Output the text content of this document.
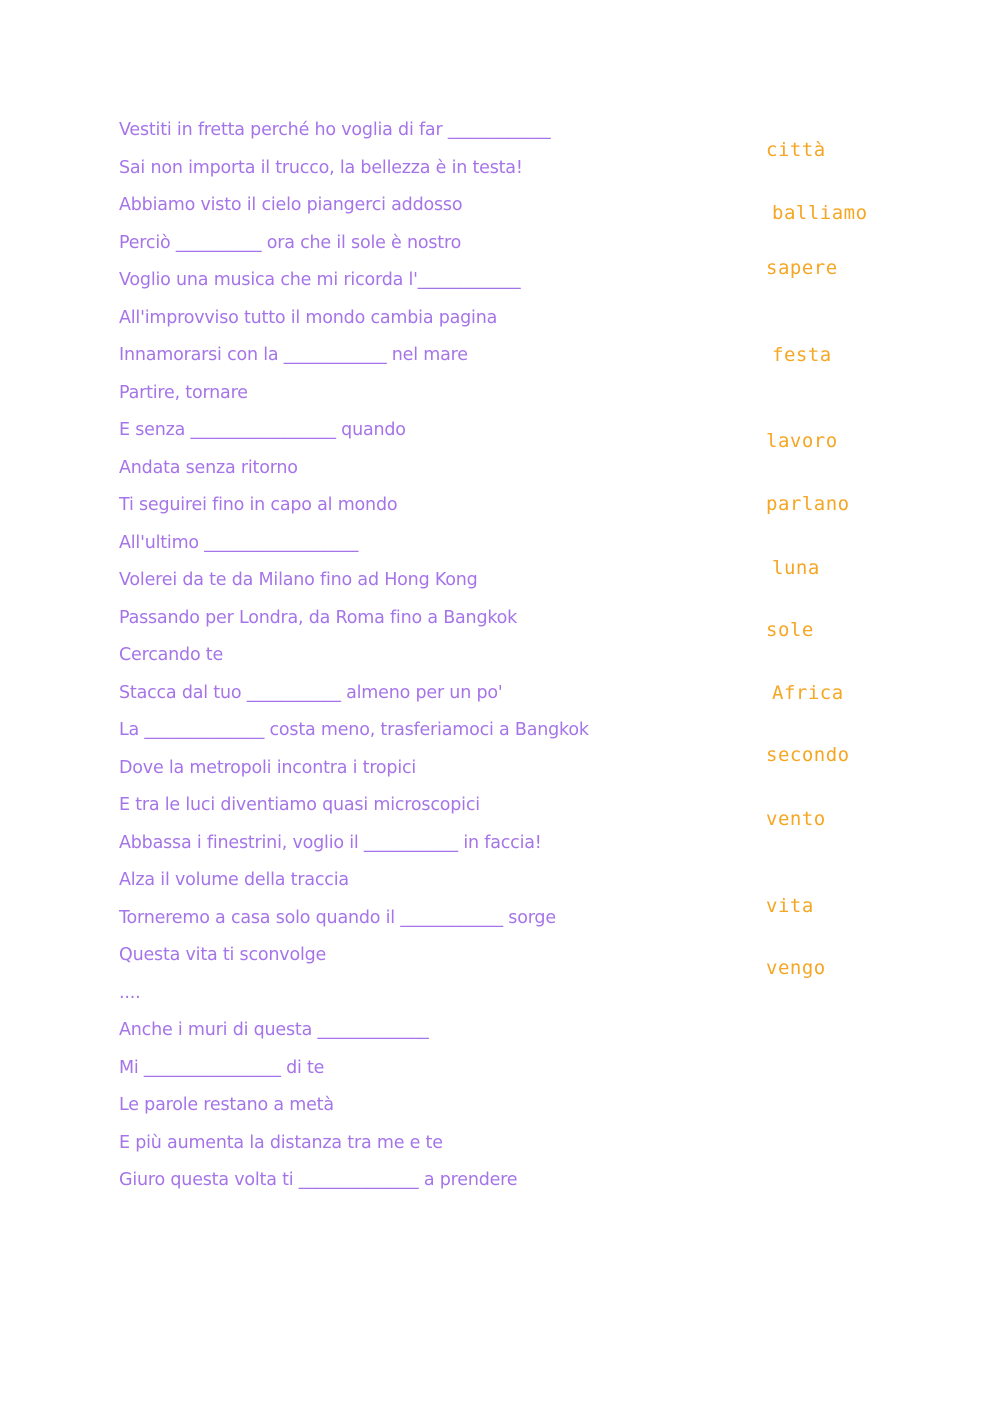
Vestiti in fretta perché ho voglia di far ____________
Sai non importa il trucco, la bellezza è in testa!
Abbiamo visto il cielo piangerci addosso
Perciò __________ ora che il sole è nostro
Voglio una musica che mi ricorda l'____________
All'improvviso tutto il mondo cambia pagina
Innamorarsi con la ____________ nel mare
Partire, tornare
E senza _________________ quando
Andata senza ritorno
Ti seguirei fino in capo al mondo
All'ultimo __________________
Volerei da te da Milano fino ad Hong Kong
Passando per Londra, da Roma fino a Bangkok
Cercando te
Stacca dal tuo ___________ almeno per un po'
La ______________ costa meno, trasferiamoci a Bangkok
Dove la metropoli incontra i tropici
E tra le luci diventiamo quasi microscopici
Abbassa i finestrini, voglio il ___________ in faccia!
Alza il volume della traccia
Torneremo a casa solo quando il ____________ sorge
Questa vita ti sconvolge
....
Anche i muri di questa _____________
Mi ________________ di te
Le parole restano a metà
E più aumenta la distanza tra me e te
Giuro questa volta ti ______________ a prendere
città
balliamo
sapere
festa
lavoro
parlano
luna
sole
Africa
secondo
vento
vita
vengo
